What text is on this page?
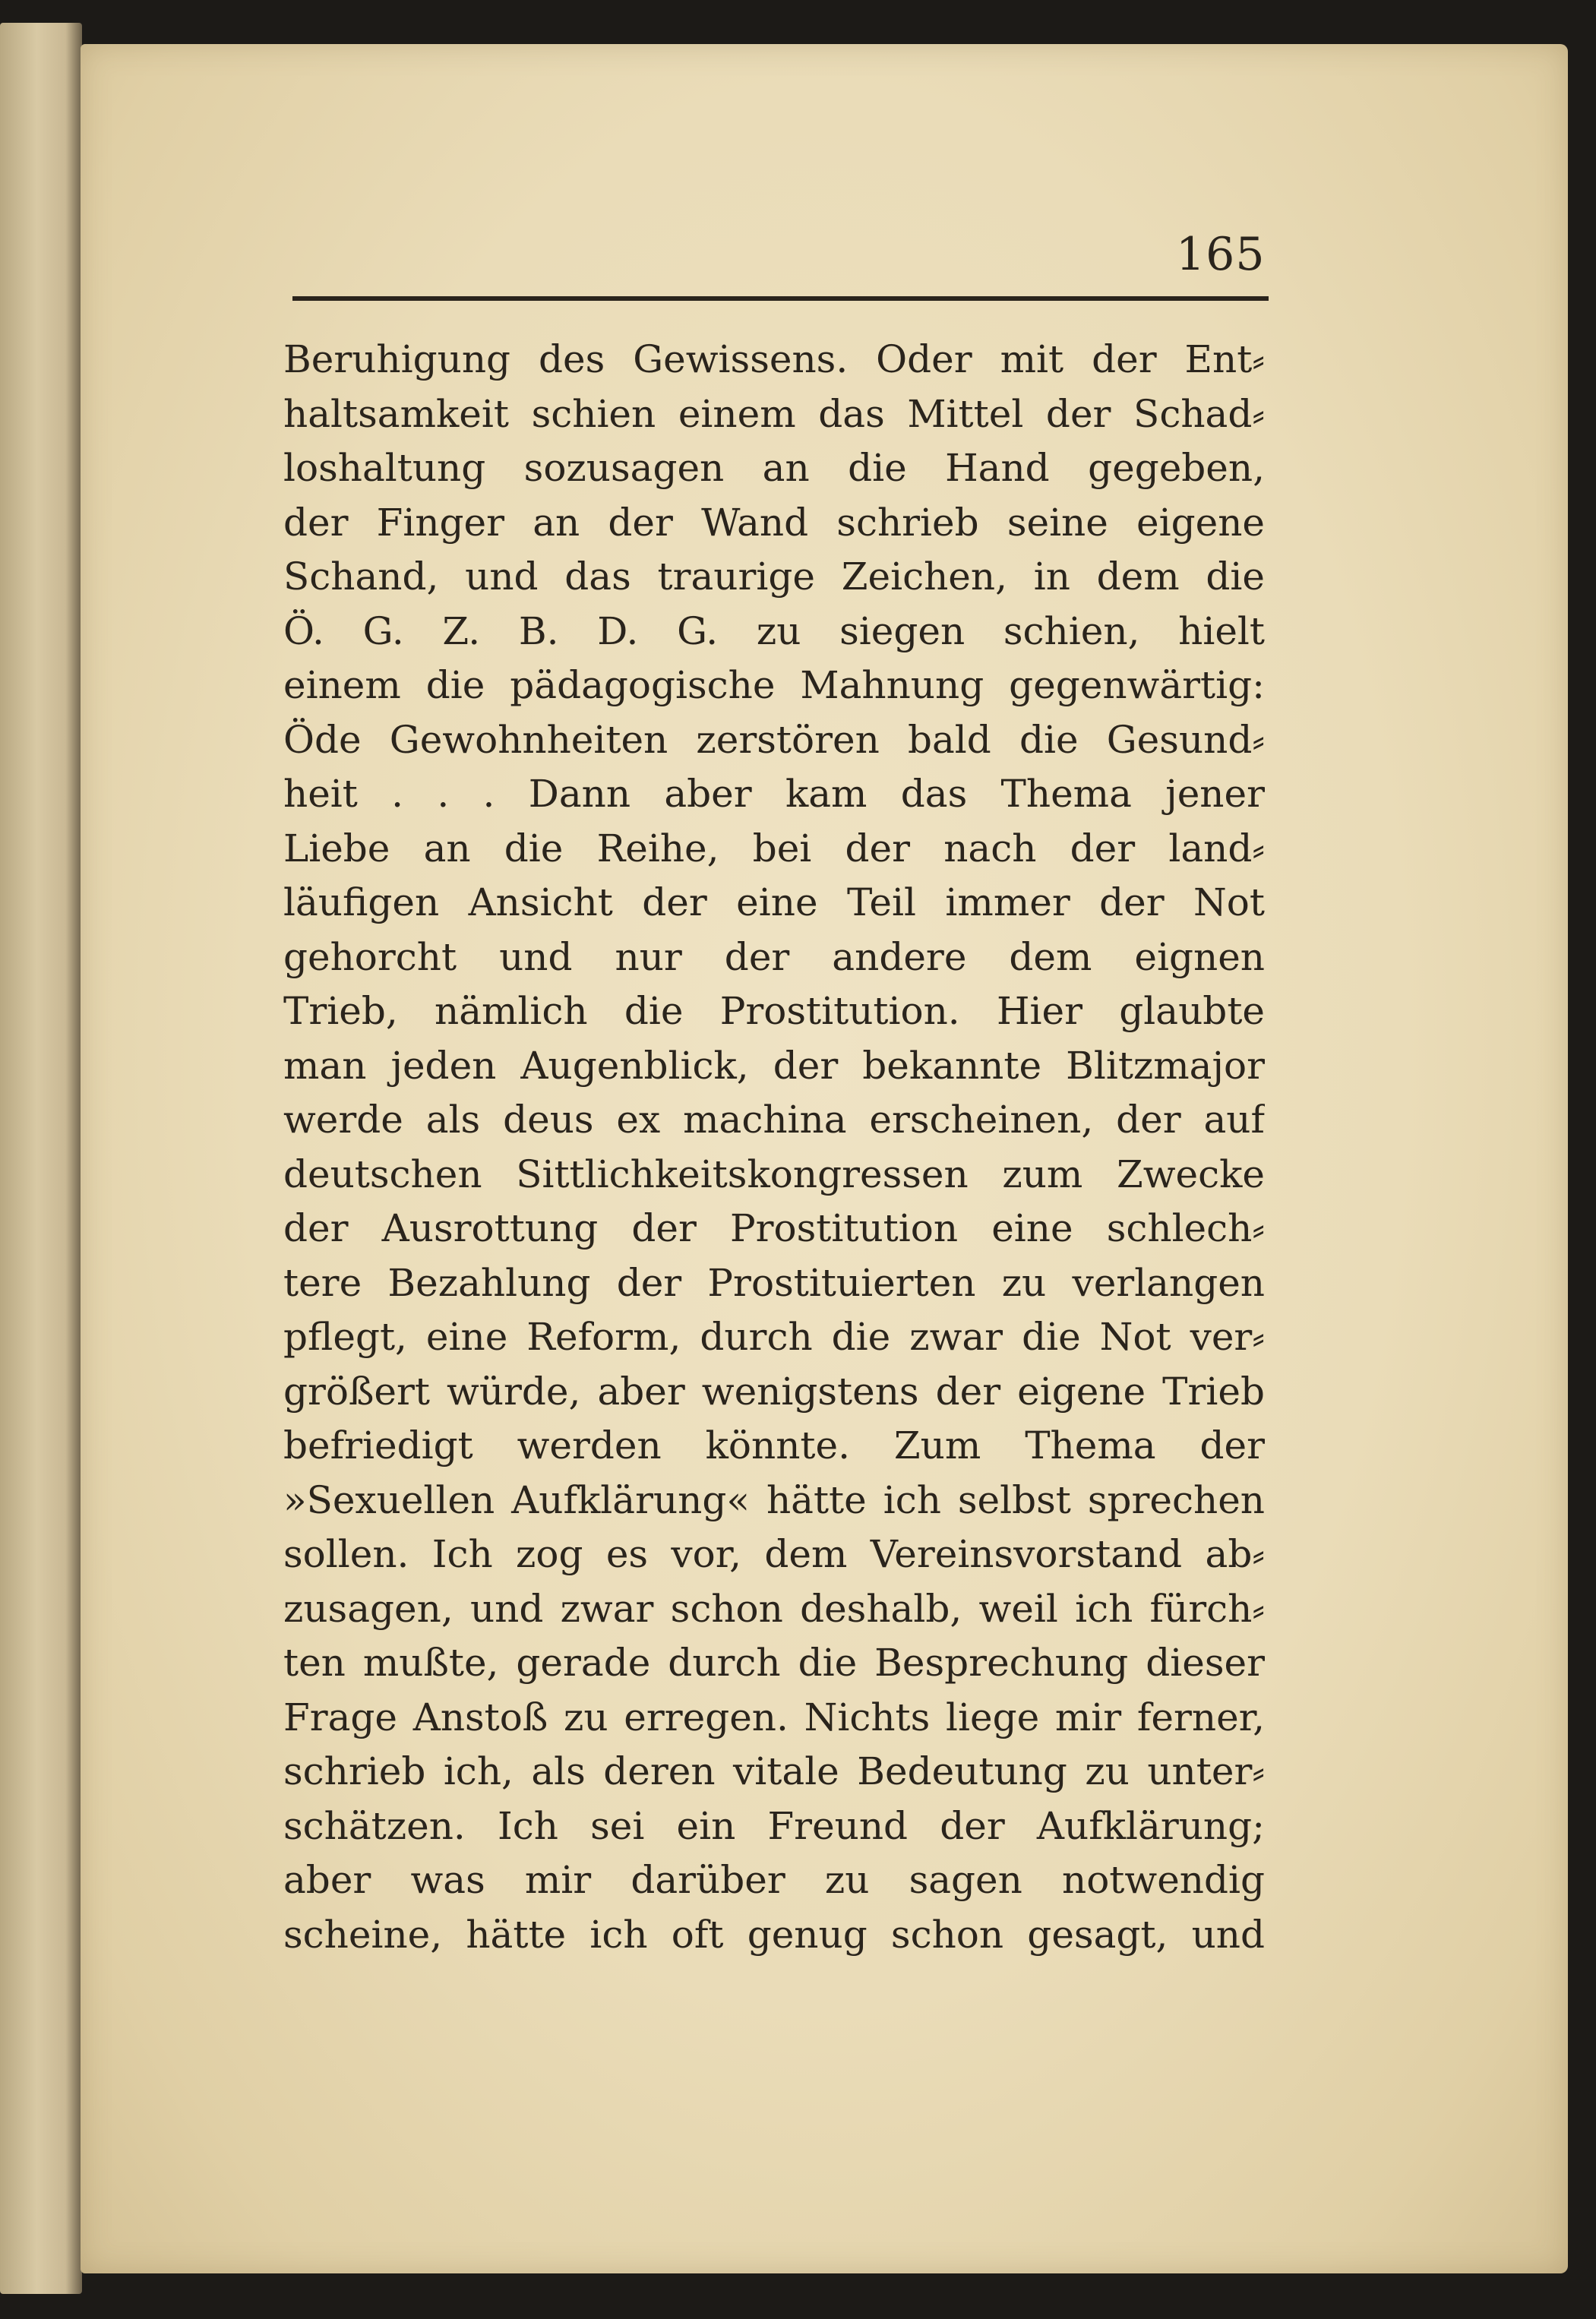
165
Beruhigung des Gewissens. Oder mit der Ent⸗
haltsamkeit schien einem das Mittel der Schad⸗
loshaltung sozusagen an die Hand gegeben,
der Finger an der Wand schrieb seine eigene
Schand, und das traurige Zeichen, in dem die
Ö. G. Z. B. D. G. zu siegen schien, hielt
einem die pädagogische Mahnung gegenwärtig:
Öde Gewohnheiten zerstören bald die Gesund⸗
heit . . . Dann aber kam das Thema jener
Liebe an die Reihe, bei der nach der land⸗
läufigen Ansicht der eine Teil immer der Not
gehorcht und nur der andere dem eignen
Trieb, nämlich die Prostitution. Hier glaubte
man jeden Augenblick, der bekannte Blitzmajor
werde als deus ex machina erscheinen, der auf
deutschen Sittlichkeitskongressen zum Zwecke
der Ausrottung der Prostitution eine schlech⸗
tere Bezahlung der Prostituierten zu verlangen
pflegt, eine Reform, durch die zwar die Not ver⸗
größert würde, aber wenigstens der eigene Trieb
befriedigt werden könnte. Zum Thema der
»Sexuellen Aufklärung« hätte ich selbst sprechen
sollen. Ich zog es vor, dem Vereinsvorstand ab⸗
zusagen, und zwar schon deshalb, weil ich fürch⸗
ten mußte, gerade durch die Besprechung dieser
Frage Anstoß zu erregen. Nichts liege mir ferner,
schrieb ich, als deren vitale Bedeutung zu unter⸗
schätzen. Ich sei ein Freund der Aufklärung;
aber was mir darüber zu sagen notwendig
scheine, hätte ich oft genug schon gesagt, und
